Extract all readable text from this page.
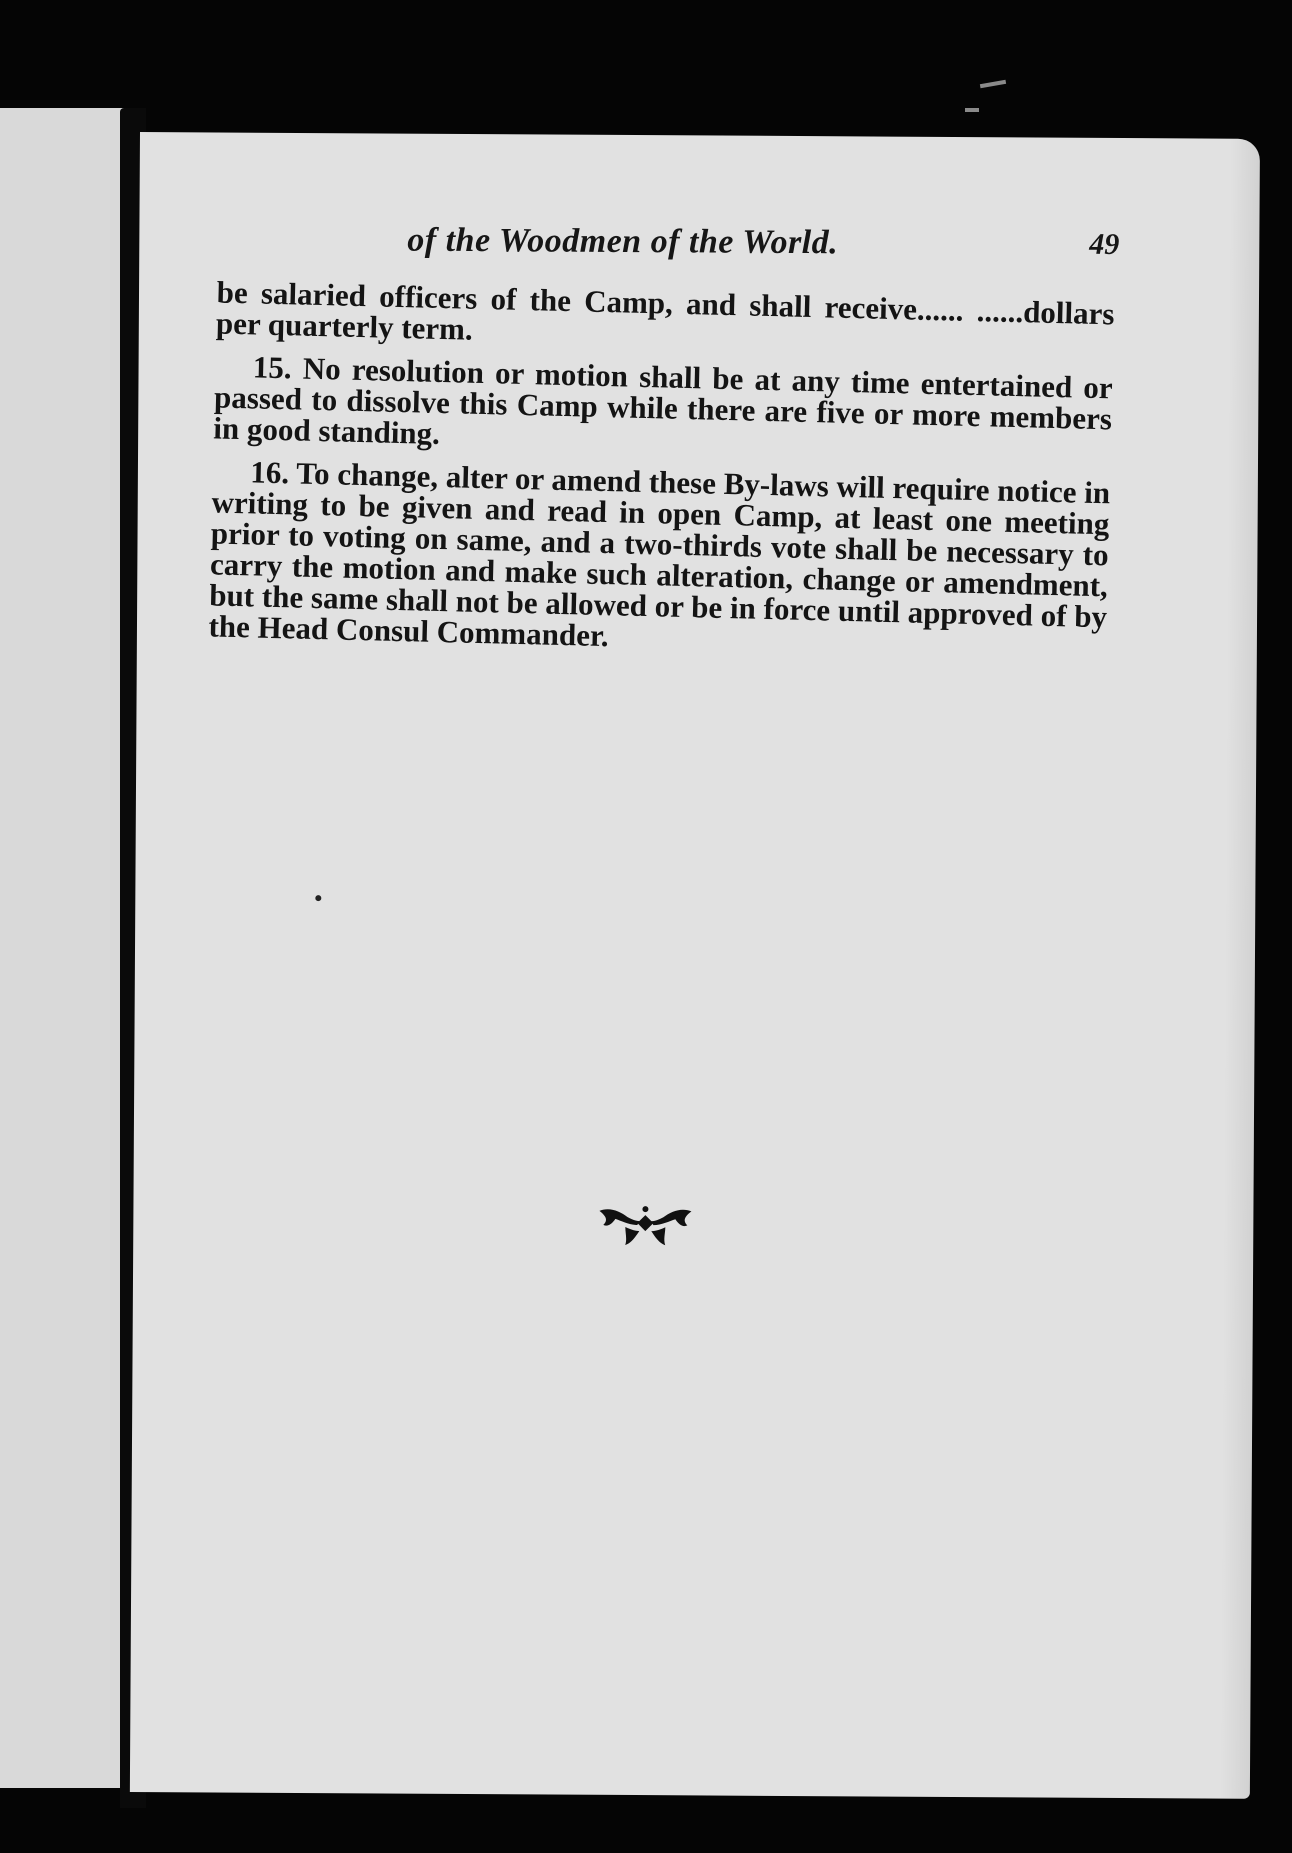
of the Woodmen of the World.	49

be salaried officers of the Camp, and shall receive...... ......dollars per quarterly term.

15. No resolution or motion shall be at any time entertained or passed to dissolve this Camp while there are five or more members in good standing.

16. To change, alter or amend these By-laws will require notice in writing to be given and read in open Camp, at least one meeting prior to voting on same, and a two-thirds vote shall be necessary to carry the motion and make such alteration, change or amendment, but the same shall not be allowed or be in force until approved of by the Head Consul Commander.
